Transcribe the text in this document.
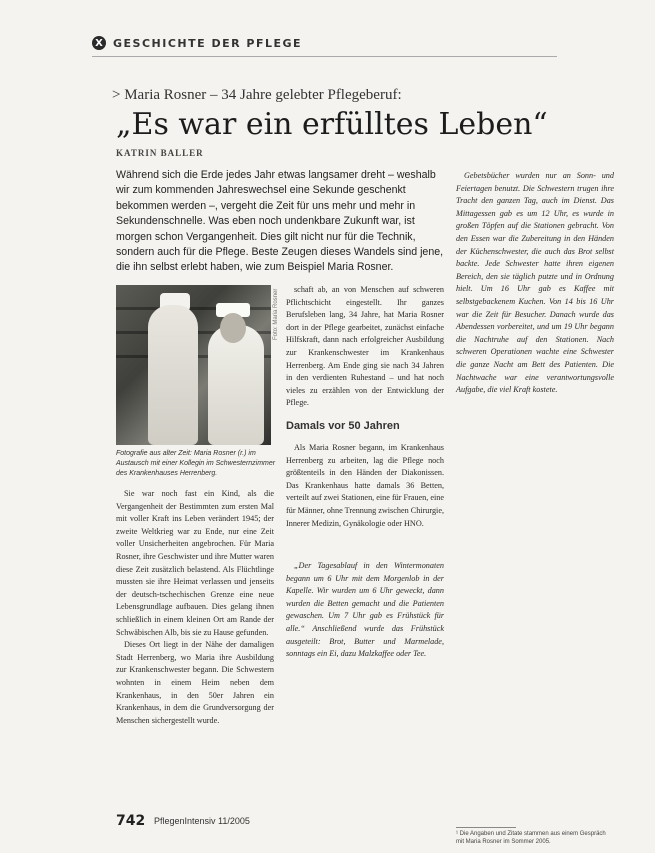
X GESCHICHTE DER PFLEGE
> Maria Rosner – 34 Jahre gelebter Pflegeberuf:
„Es war ein erfülltes Leben“
KATRIN BALLER
Während sich die Erde jedes Jahr etwas langsamer dreht – weshalb wir zum kommenden Jahreswechsel eine Sekunde geschenkt bekommen werden –, vergeht die Zeit für uns mehr und mehr in Sekundenschnelle. Was eben noch undenkbare Zukunft war, ist morgen schon Vergangenheit. Dies gilt nicht nur für die Technik, sondern auch für die Pflege. Beste Zeugen dieses Wandels sind jene, die ihn selbst erlebt haben, wie zum Beispiel Maria Rosner.
Foto: Maria Rosner
Fotografie aus alter Zeit: Maria Rosner (r.) im Austausch mit einer Kollegin im Schwesternzimmer des Krankenhauses Herrenberg.

Sie war noch fast ein Kind, als die Vergangenheit der Bestimmten zum ersten Mal mit voller Kraft ins Leben verändert 1945; der zweite Weltkrieg war zu Ende, nur eine Zeit voller Unsicherheiten angebrochen. Für Maria Rosner, ihre Geschwister und ihre Mutter waren diese Zeit zusätzlich belastend. Als Flüchtlinge mussten sie ihre Heimat verlassen und jenseits der deutsch-tschechischen Grenze eine neue Lebensgrundlage aufbauen. Dies gelang ihnen schließlich in einem kleinen Ort am Rande der Schwäbischen Alb, bis sie zu Hause gefunden.

Dieses Ort liegt in der Nähe der damaligen Stadt Herrenberg, wo Maria ihre Ausbildung zur Krankenschwester begann. Die Schwestern wohnten in einem Heim neben dem Krankenhaus, in den 50er Jahren ein Krankenhaus, in dem die Grundversorgung der Menschen sichergestellt wurde.

schaft ab, an von Menschen auf schweren Pflichtschicht eingestellt. Ihr ganzes Berufsleben lang, 34 Jahre, hat Maria Rosner dort in der Pflege gearbeitet, zunächst einfache Hilfskraft, dann nach erfolgreicher Ausbildung zur Krankenschwester im Krankenhaus Herrenberg. Am Ende ging sie nach 34 Jahren in den verdienten Ruhestand – und hat noch vieles zu erzählen von der Entwicklung der Pflege.

Damals vor 50 Jahren

Als Maria Rosner begann, im Krankenhaus Herrenberg zu arbeiten, lag die Pflege noch größtenteils in den Händen der Diakonissen. Das Krankenhaus hatte damals 36 Betten, verteilt auf zwei Stationen, eine für Frauen, eine für Männer, ohne Trennung zwischen Chirurgie, Innerer Medizin, Gynäkologie oder HNO.

„Der Tagesablauf in den Wintermonaten begann um 6 Uhr mit dem Morgenlob in der Kapelle. Wir wurden um 6 Uhr geweckt, dann wurden die Betten gemacht und die Patienten gewaschen. Um 7 Uhr gab es Frühstück für alle.“ Anschließend wurde das Frühstück ausgeteilt: Brot, Butter und Marmelade, sonntags ein Ei, dazu Malzkaffee oder Tee.

Gebetsbücher wurden nur an Sonn- und Feiertagen benutzt. Die Schwestern trugen ihre Tracht den ganzen Tag, auch im Dienst. Das Mittagessen gab es um 12 Uhr, es wurde in großen Töpfen auf die Stationen gebracht. Von den Essen war die Zubereitung in den Händen der Küchenschwester, die auch das Brot selbst backte. Jede Schwester hatte ihren eigenen Bereich, den sie täglich putzte und in Ordnung hielt. Um 16 Uhr gab es Kaffee mit selbstgebackenem Kuchen. Von 14 bis 16 Uhr war die Zeit für Besucher. Danach wurde das Abendessen vorbereitet, und um 19 Uhr begann die Nachtruhe auf den Stationen. Nach schweren Operationen wachte eine Schwester die ganze Nacht am Bett des Patienten. Die Nachtwache war eine verantwortungsvolle Aufgabe, die viel Kraft kostete.

¹ Die Angaben und Zitate stammen aus einem Gespräch mit Maria Rosner im Sommer 2005.
742 PflegenIntensiv 11/2005
